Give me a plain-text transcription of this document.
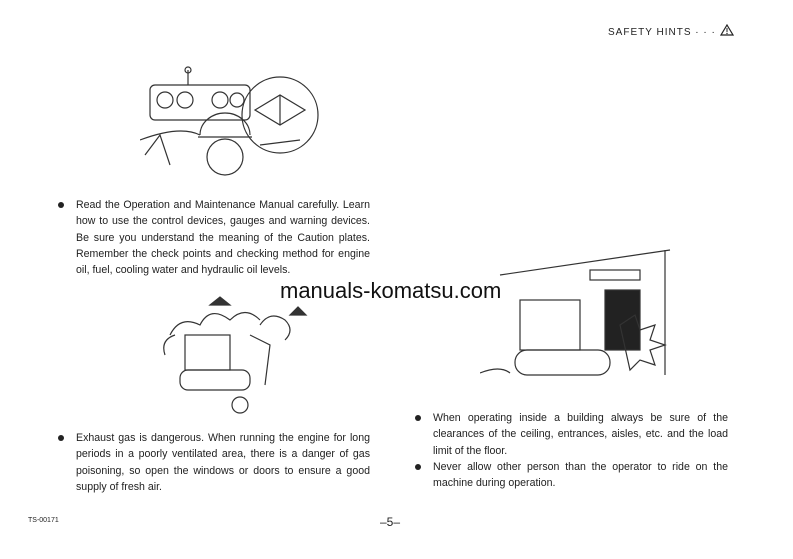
SAFETY HINTS · · ·
Read the Operation and Maintenance Manual carefully. Learn how to use the control devices, gauges and warning devices. Be sure you understand the meaning of the Caution plates. Remember the check points and checking method for engine oil, fuel, cooling water and hydraulic oil levels.
manuals-komatsu.com
When operating inside a building always be sure of the clearances of the ceiling, entrances, aisles, etc. and the load limit of the floor.
Never allow other person than the operator to ride on the machine during operation.
Exhaust gas is dangerous. When running the engine for long periods in a poorly ventilated area, there is a danger of gas poisoning, so open the windows or doors to ensure a good supply of fresh air.
–5–
TS-00171
